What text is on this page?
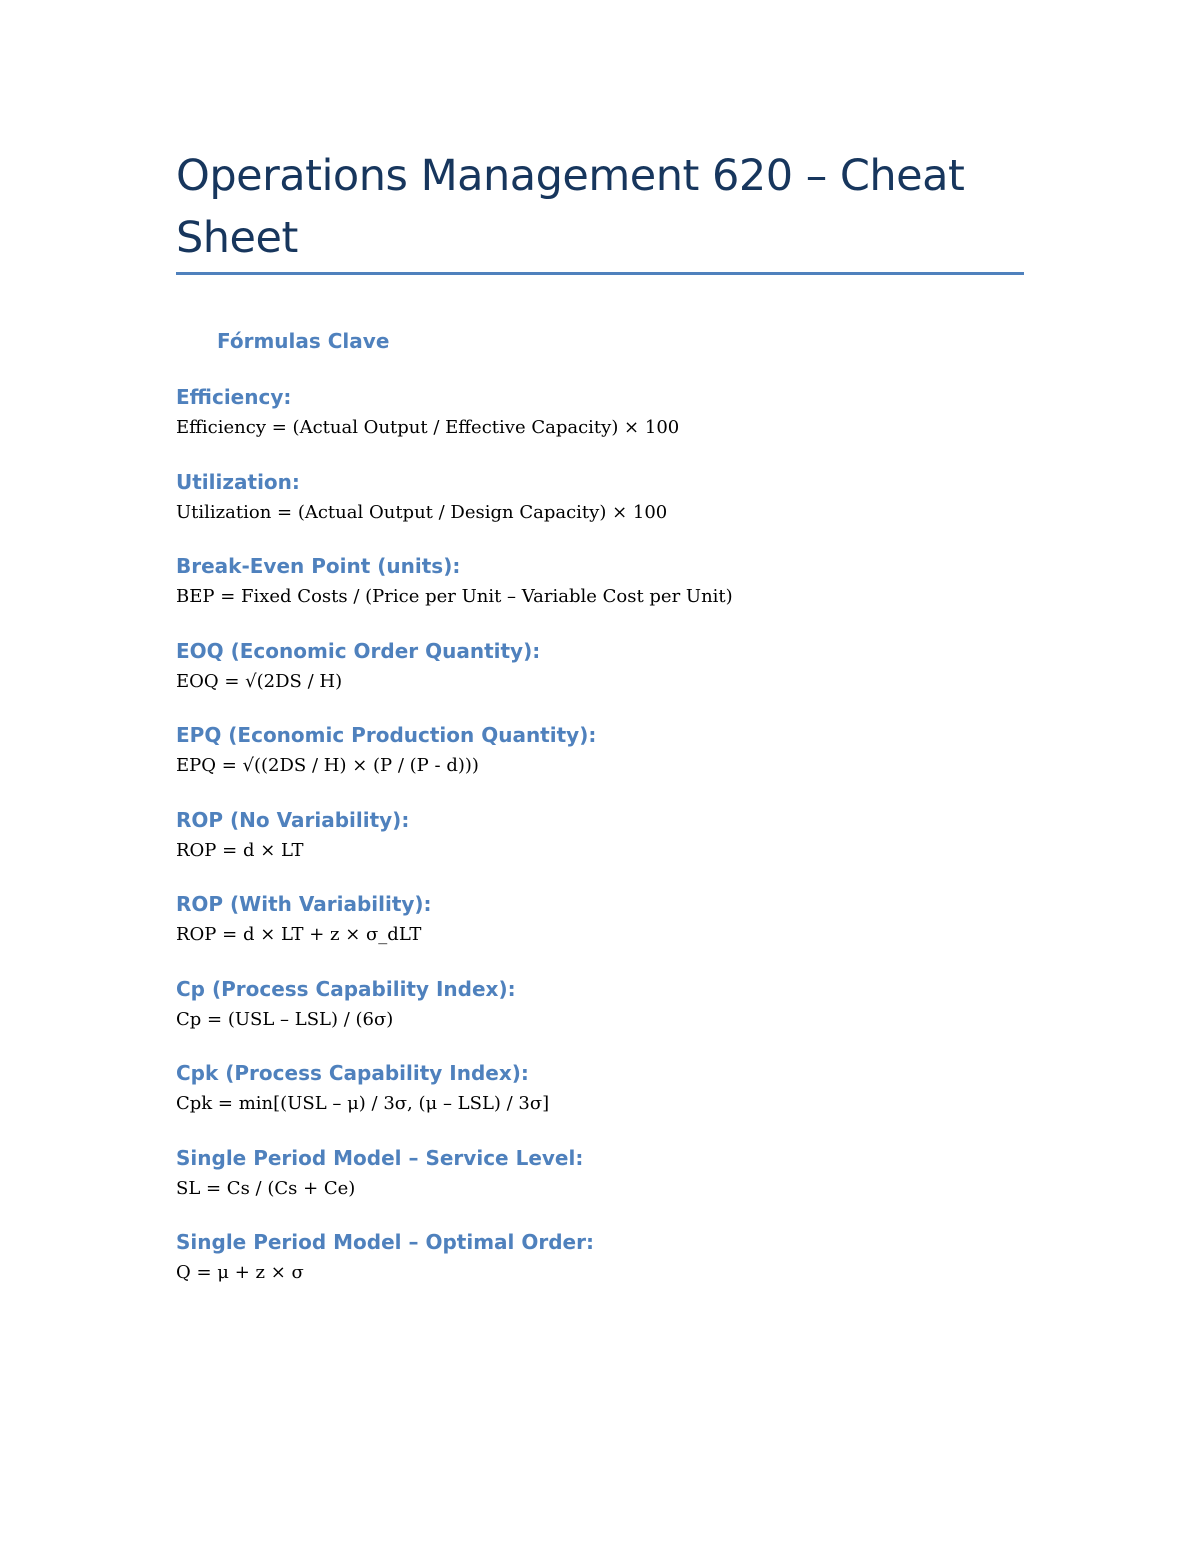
Operations Management 620 – Cheat Sheet
Fórmulas Clave
Efficiency:
Efficiency = (Actual Output / Effective Capacity) × 100
Utilization:
Utilization = (Actual Output / Design Capacity) × 100
Break-Even Point (units):
BEP = Fixed Costs / (Price per Unit – Variable Cost per Unit)
EOQ (Economic Order Quantity):
EOQ = √(2DS / H)
EPQ (Economic Production Quantity):
EPQ = √((2DS / H) × (P / (P - d)))
ROP (No Variability):
ROP = d × LT
ROP (With Variability):
ROP = d × LT + z × σ_dLT
Cp (Process Capability Index):
Cp = (USL – LSL) / (6σ)
Cpk (Process Capability Index):
Cpk = min[(USL – μ) / 3σ, (μ – LSL) / 3σ]
Single Period Model – Service Level:
SL = Cs / (Cs + Ce)
Single Period Model – Optimal Order:
Q = μ + z × σ
